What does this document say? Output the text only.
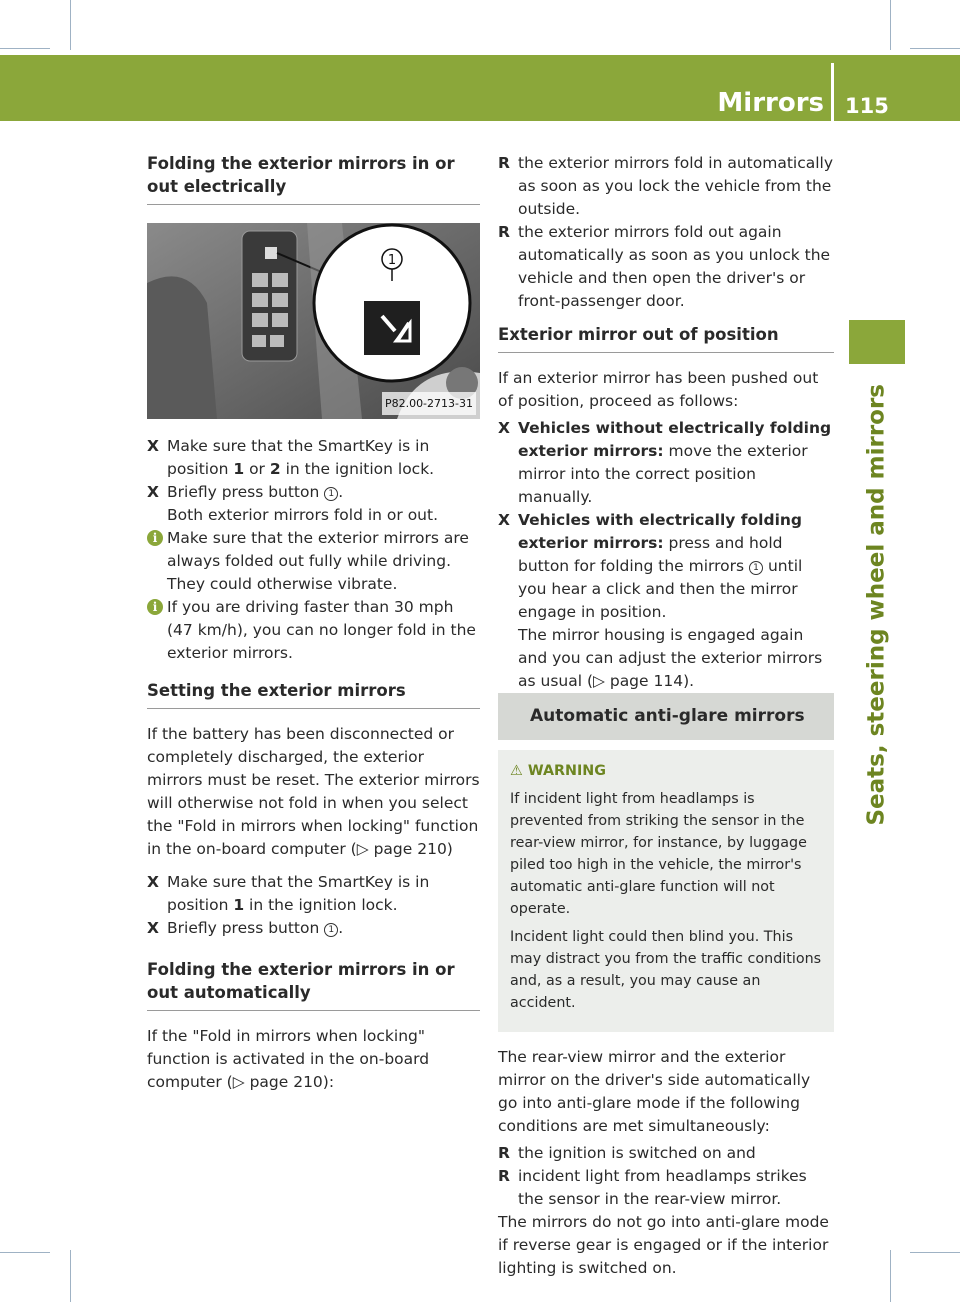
Mirrors 115
Seats, steering wheel and mirrors

Folding the exterior mirrors in or out electrically

1
P82.00-2713-31

X Make sure that the SmartKey is in position 1 or 2 in the ignition lock.

X Briefly press button 1 .
Both exterior mirrors fold in or out.

i Make sure that the exterior mirrors are always folded out fully while driving. They could otherwise vibrate.

i If you are driving faster than 30 mph (47 km/h), you can no longer fold in the exterior mirrors.

Setting the exterior mirrors

If the battery has been disconnected or completely discharged, the exterior mirrors must be reset. The exterior mirrors will otherwise not fold in when you select the "Fold in mirrors when locking" function in the on-board computer (▷ page 210)

X Make sure that the SmartKey is in position 1 in the ignition lock.

X Briefly press button 1 .

Folding the exterior mirrors in or out automatically

If the "Fold in mirrors when locking" function is activated in the on-board computer (▷ page 210):

R the exterior mirrors fold in automatically as soon as you lock the vehicle from the outside.

R the exterior mirrors fold out again automatically as soon as you unlock the vehicle and then open the driver's or front-passenger door.

Exterior mirror out of position

If an exterior mirror has been pushed out of position, proceed as follows:

X Vehicles without electrically folding exterior mirrors: move the exterior mirror into the correct position manually.

X Vehicles with electrically folding exterior mirrors: press and hold button for folding the mirrors 1 until you hear a click and then the mirror engage in position.
The mirror housing is engaged again and you can adjust the exterior mirrors as usual (▷ page 114).

Automatic anti-glare mirrors

⚠ WARNING

If incident light from headlamps is prevented from striking the sensor in the rear-view mirror, for instance, by luggage piled too high in the vehicle, the mirror's automatic anti-glare function will not operate.

Incident light could then blind you. This may distract you from the traffic conditions and, as a result, you may cause an accident.

The rear-view mirror and the exterior mirror on the driver's side automatically go into anti-glare mode if the following conditions are met simultaneously:

R the ignition is switched on and

R incident light from headlamps strikes the sensor in the rear-view mirror.

The mirrors do not go into anti-glare mode if reverse gear is engaged or if the interior lighting is switched on.
